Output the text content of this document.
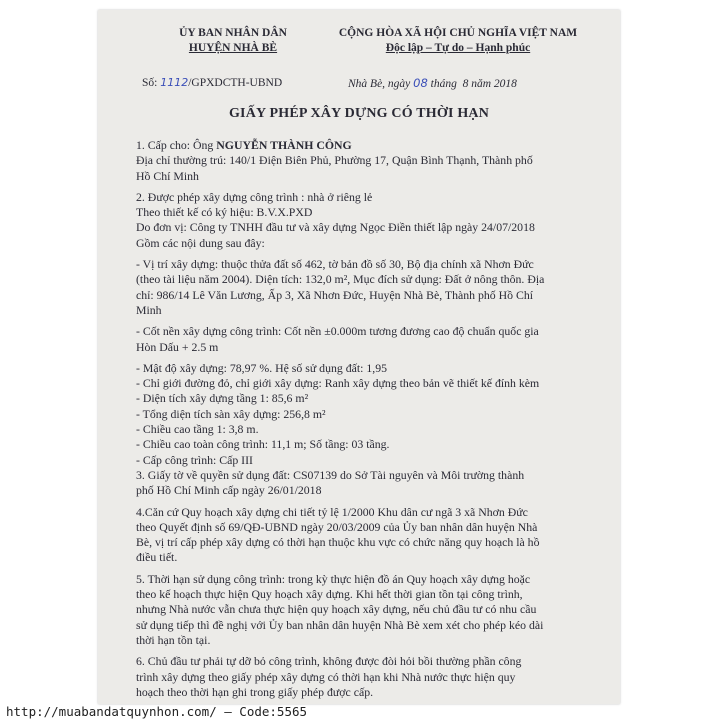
ỦY BAN NHÂN DÂN
HUYỆN NHÀ BÈ
CỘNG HÒA XÃ HỘI CHỦ NGHĨA VIỆT NAM
Độc lập – Tự do – Hạnh phúc
Số: 1112/GPXDCTH-UBND	Nhà Bè, ngày 08 tháng 8 năm 2018
GIẤY PHÉP XÂY DỰNG CÓ THỜI HẠN

1. Cấp cho: Ông NGUYỄN THÀNH CÔNG

Địa chỉ thường trú: 140/1 Điện Biên Phủ, Phường 17, Quận Bình Thạnh, Thành phố

Hồ Chí Minh

2. Được phép xây dựng công trình : nhà ở riêng lẻ

Theo thiết kế có ký hiệu: B.V.X.PXD

Do đơn vị: Công ty TNHH đầu tư và xây dựng Ngọc Điền thiết lập ngày 24/07/2018

Gồm các nội dung sau đây:

- Vị trí xây dựng: thuộc thửa đất số 462, tờ bản đồ số 30, Bộ địa chính xã Nhơn Đức

(theo tài liệu năm 2004). Diện tích: 132,0 m², Mục đích sử dụng: Đất ở nông thôn. Địa

chỉ: 986/14 Lê Văn Lương, Ấp 3, Xã Nhơn Đức, Huyện Nhà Bè, Thành phố Hồ Chí

Minh

- Cốt nền xây dựng công trình: Cốt nền ±0.000m tương đương cao độ chuẩn quốc gia

Hòn Dấu + 2.5 m

- Mật độ xây dựng: 78,97 %. Hệ số sử dụng đất: 1,95

- Chỉ giới đường đỏ, chỉ giới xây dựng: Ranh xây dựng theo bản vẽ thiết kế đính kèm

- Diện tích xây dựng tầng 1: 85,6 m²

- Tổng diện tích sàn xây dựng: 256,8 m²

- Chiều cao tầng 1: 3,8 m.

- Chiều cao toàn công trình: 11,1 m; Số tầng: 03 tầng.

- Cấp công trình: Cấp III

3. Giấy tờ về quyền sử dụng đất: CS07139 do Sở Tài nguyên và Môi trường thành

phố Hồ Chí Minh cấp ngày 26/01/2018

4.Căn cứ Quy hoạch xây dựng chi tiết tỷ lệ 1/2000 Khu dân cư ngã 3 xã Nhơn Đức

theo Quyết định số 69/QĐ-UBND ngày 20/03/2009 của Ủy ban nhân dân huyện Nhà

Bè, vị trí cấp phép xây dựng có thời hạn thuộc khu vực có chức năng quy hoạch là hồ

điều tiết.

5. Thời hạn sử dụng công trình: trong kỳ thực hiện đồ án Quy hoạch xây dựng hoặc

theo kế hoạch thực hiện Quy hoạch xây dựng. Khi hết thời gian tồn tại công trình,

nhưng Nhà nước vẫn chưa thực hiện quy hoạch xây dựng, nếu chủ đầu tư có nhu cầu

sử dụng tiếp thì đề nghị với Ủy ban nhân dân huyện Nhà Bè xem xét cho phép kéo dài

thời hạn tồn tại.

6. Chủ đầu tư phải tự dỡ bỏ công trình, không được đòi hỏi bồi thường phần công

trình xây dựng theo giấy phép xây dựng có thời hạn khi Nhà nước thực hiện quy

hoạch theo thời hạn ghi trong giấy phép được cấp.

http://muabandatquynhon.com/ – Code:5565
